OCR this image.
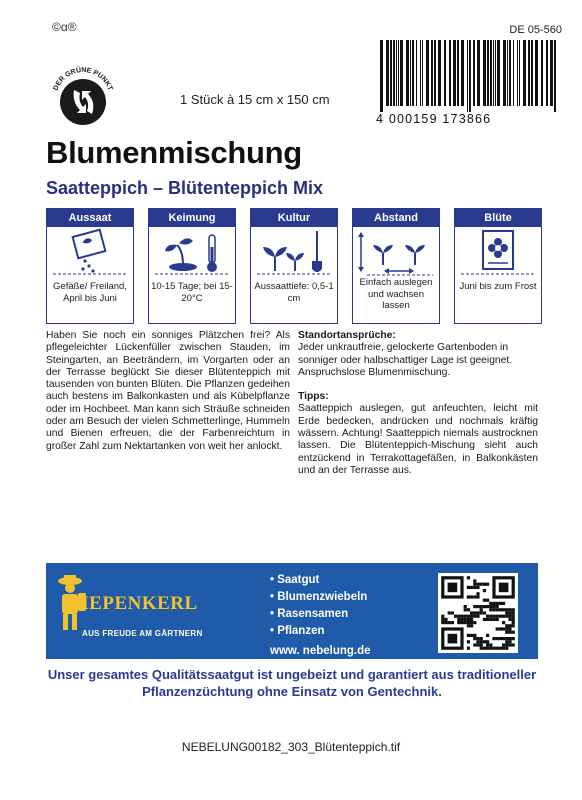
©α®	DE 05-560
DER GRÜNE PUNKT
1 Stück à 15 cm x 150 cm
4 000159 173866
Blumenmischung
Saatteppich – Blütenteppich Mix
Aussaat
Gefäße/ Freiland, April bis Juni
Keimung
10-15 Tage; bei 15-20°C
Kultur
Aussaattiefe: 0,5-1 cm
Abstand
Einfach auslegen und wachsen lassen
Blüte
Juni bis zum Frost
Haben Sie noch ein sonniges Plätzchen frei? Als pflegeleichter Lückenfüller zwischen Stauden, im Steingarten, an Beeträndern, im Vorgarten oder an der Terrasse beglückt Sie dieser Blütenteppich mit tausenden von bunten Blüten. Die Pflanzen gedeihen auch bestens im Balkonkasten und als Kübelpflanze oder im Hochbeet. Man kann sich Sträuße schneiden oder am Besuch der vielen Schmetterlinge, Hummeln und Bienen erfreuen, die der Farbenreichtum in großer Zahl zum Nektartanken von weit her anlockt.
Standortansprüche:
Jeder unkrautfreie, gelockerte Gartenboden in sonniger oder halbschattiger Lage ist geeignet. Anspruchslose Blumenmischung.
Tipps:
Saatteppich auslegen, gut anfeuchten, leicht mit Erde bedecken, andrücken und nochmals kräftig wässern. Achtung! Saatteppich niemals austrocknen lassen. Die Blütenteppich-Mischung sieht auch entzückend in Terrakottagefäßen, in Balkonkästen und an der Terrasse aus.
KIEPENKERL
AUS FREUDE AM GÄRTNERN
• Saatgut
• Blumenzwiebeln
• Rasensamen
• Pflanzen
www. nebelung.de
Unser gesamtes Qualitätssaatgut ist ungebeizt und garantiert aus traditioneller Pflanzenzüchtung ohne Einsatz von Gentechnik.
NEBELUNG00182_303_Blütenteppich.tif
